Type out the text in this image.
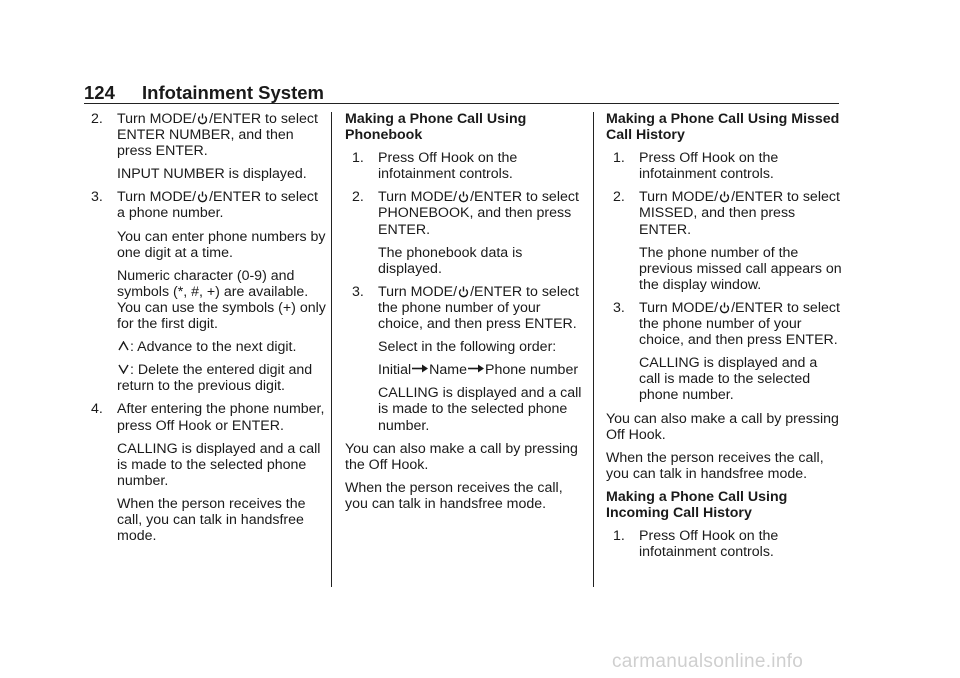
124 Infotainment System

2. Turn MODE/ /ENTER to select ENTER NUMBER, and then press ENTER.

INPUT NUMBER is displayed.

3. Turn MODE/ /ENTER to select a phone number.

You can enter phone numbers by one digit at a time.

Numeric character (0-9) and symbols (*, #, +) are available. You can use the symbols (+) only for the first digit.

: Advance to the next digit.

: Delete the entered digit and return to the previous digit.

4. After entering the phone number, press Off Hook or ENTER.

CALLING is displayed and a call is made to the selected phone number.

When the person receives the call, you can talk in handsfree mode.

Making a Phone Call Using Phonebook

1. Press Off Hook on the infotainment controls.

2. Turn MODE/ /ENTER to select PHONEBOOK, and then press ENTER.

The phonebook data is displayed.

3. Turn MODE/ /ENTER to select the phone number of your choice, and then press ENTER.

Select in the following order:

Initial Name Phone number

CALLING is displayed and a call is made to the selected phone number.

You can also make a call by pressing the Off Hook.

When the person receives the call, you can talk in handsfree mode.

Making a Phone Call Using Missed Call History

1. Press Off Hook on the infotainment controls.

2. Turn MODE/ /ENTER to select MISSED, and then press ENTER.

The phone number of the previous missed call appears on the display window.

3. Turn MODE/ /ENTER to select the phone number of your choice, and then press ENTER.

CALLING is displayed and a call is made to the selected phone number.

You can also make a call by pressing Off Hook.

When the person receives the call, you can talk in handsfree mode.

Making a Phone Call Using Incoming Call History

1. Press Off Hook on the infotainment controls.

carmanualsonline.info
